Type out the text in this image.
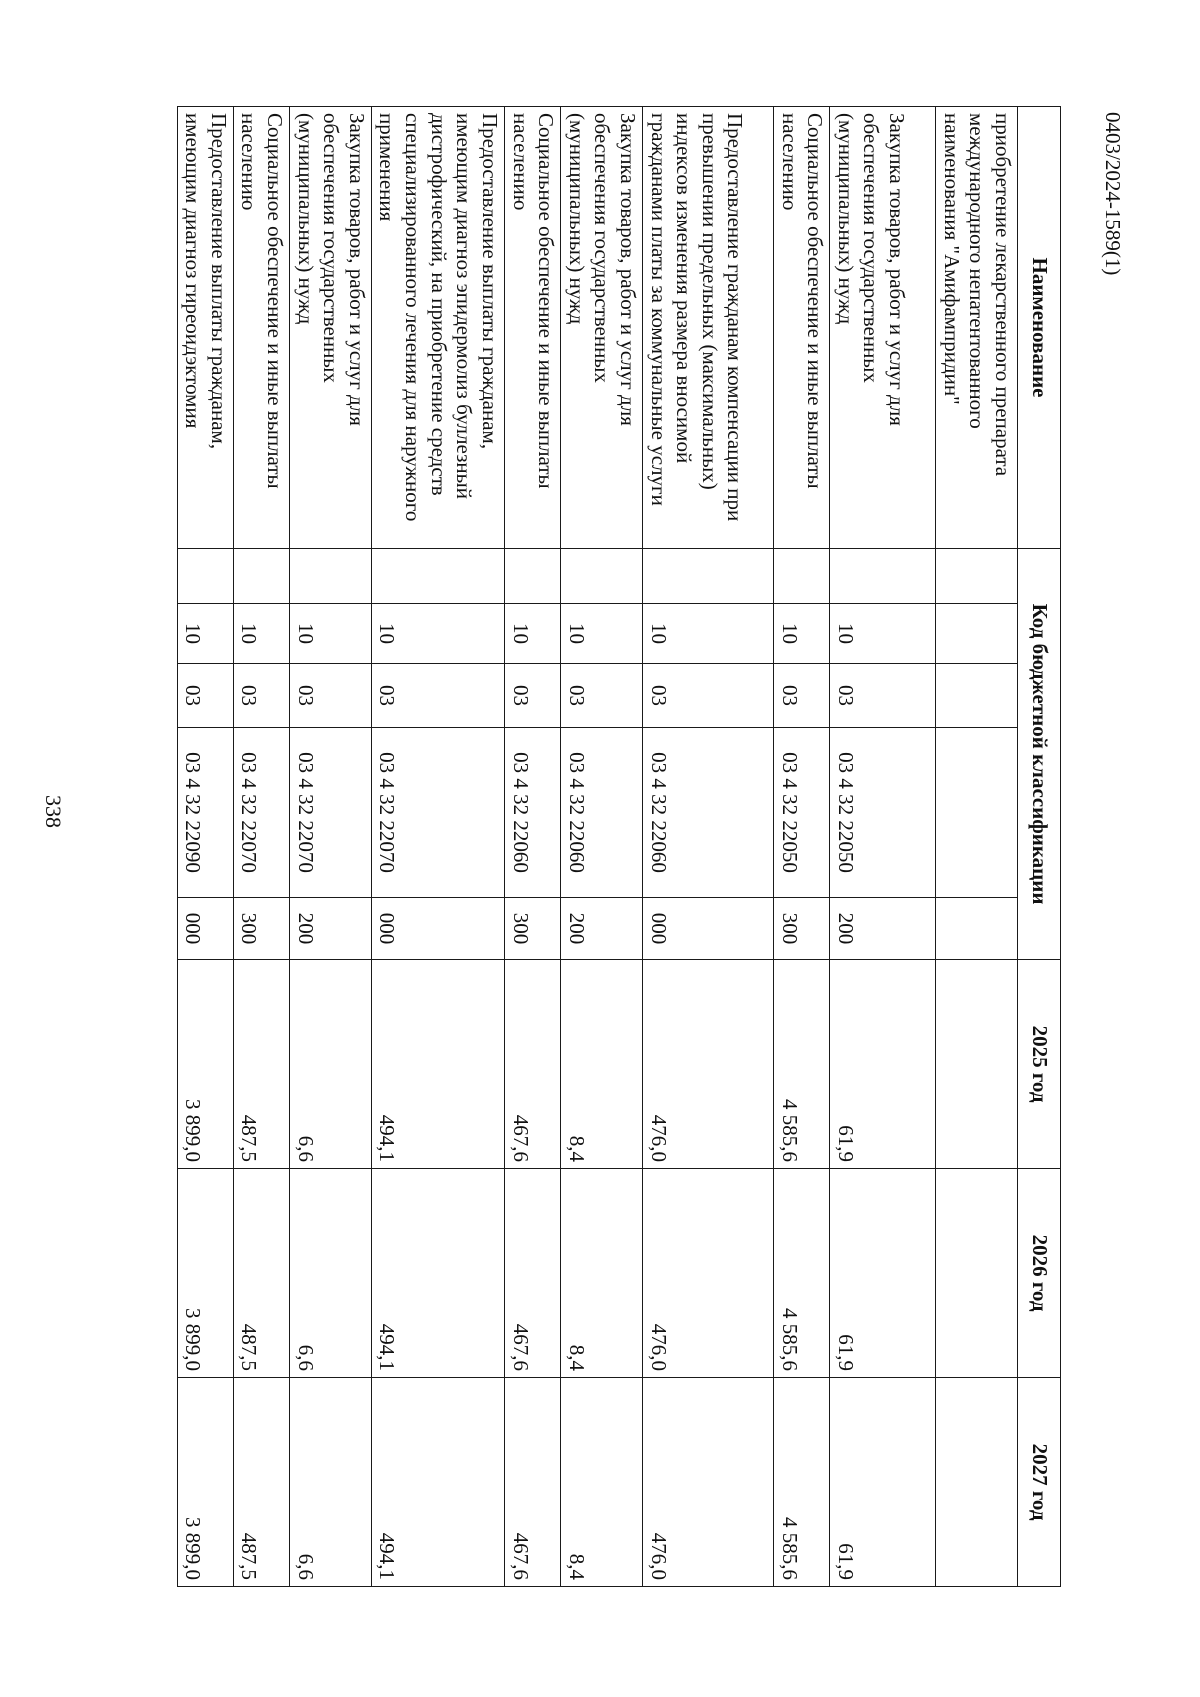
338
0403/2024-1589(1)
Наименование	Код бюджетной классификации					2025 год	2026 год	2027 год
приобретение лекарственного препарата международного непатентованного наименования "Амифампридин"								
Закупка товаров, работ и услуг для обеспечения государственных (муниципальных) нужд		10	03	03 4 32 22050	200	61,9	61,9	61,9
Социальное обеспечение и иные выплаты населению		10	03	03 4 32 22050	300	4 585,6	4 585,6	4 585,6
Предоставление гражданам компенсации при превышении предельных (максимальных) индексов изменения размера вносимой гражданами платы за коммунальные услуги		10	03	03 4 32 22060	000	476,0	476,0	476,0
Закупка товаров, работ и услуг для обеспечения государственных (муниципальных) нужд		10	03	03 4 32 22060	200	8,4	8,4	8,4
Социальное обеспечение и иные выплаты населению		10	03	03 4 32 22060	300	467,6	467,6	467,6
Предоставление выплаты гражданам, имеющим диагноз эпидермолиз буллезный дистрофический, на приобретение средств специализированного лечения для наружного применения		10	03	03 4 32 22070	000	494,1	494,1	494,1
Закупка товаров, работ и услуг для обеспечения государственных (муниципальных) нужд		10	03	03 4 32 22070	200	6,6	6,6	6,6
Социальное обеспечение и иные выплаты населению		10	03	03 4 32 22070	300	487,5	487,5	487,5
Предоставление выплаты гражданам, имеющим диагноз гиреоидэктомия		10	03	03 4 32 22090	000	3 899,0	3 899,0	3 899,0
